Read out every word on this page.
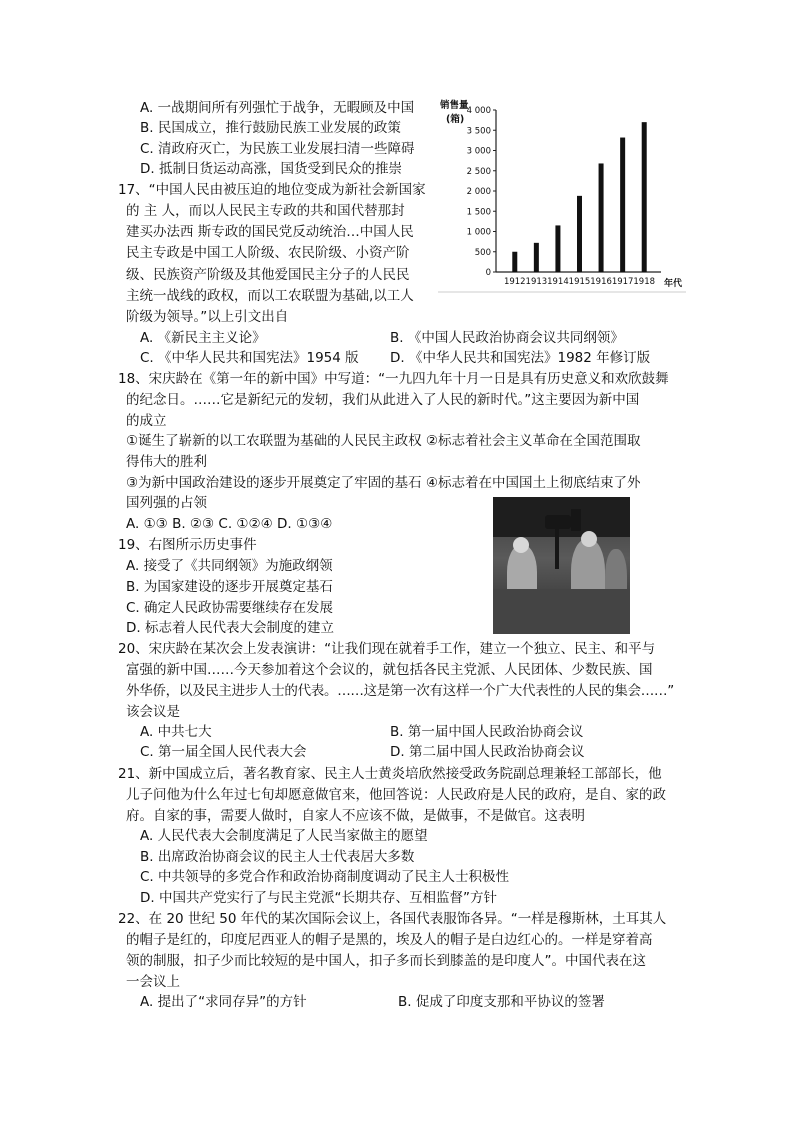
A. 一战期间所有列强忙于战争，无暇顾及中国
B. 民国成立，推行鼓励民族工业发展的政策
C. 清政府灭亡，为民族工业发展扫清一些障碍
D. 抵制日货运动高涨，国货受到民众的推崇
0
500
1 000
1 500
2 000
2 500
3 000
3 500
4 000
销售量
(箱)
1912 1913 1914 1915 1916 1917 1918 年代
17、“中国人民由被压迫的地位变成为新社会新国家
的 主 人，而以人民民主专政的共和国代替那封
建买办法西 斯专政的国民党反动统治…中国人民
民主专政是中国工人阶级、农民阶级、小资产阶
级、民族资产阶级及其他爱国民主分子的人民民
主统一战线的政权，而以工农联盟为基础,以工人
阶级为领导。”以上引文出自
A. 《新民主主义论》	B. 《中国人民政治协商会议共同纲领》
C. 《中华人民共和国宪法》1954 版 D. 《中华人民共和国宪法》1982 年修订版
18、宋庆龄在《第一年的新中国》中写道：“一九四九年十月一日是具有历史意义和欢欣鼓舞
的纪念日。……它是新纪元的发轫，我们从此进入了人民的新时代。”这主要因为新中国
的成立
①诞生了崭新的以工农联盟为基础的人民民主政权 ②标志着社会主义革命在全国范围取
得伟大的胜利
③为新中国政治建设的逐步开展奠定了牢固的基石 ④标志着在中国国土上彻底结束了外
国列强的占领
A. ①③ B. ②③ C. ①②④ D. ①③④
19、右图所示历史事件
A. 接受了《共同纲领》为施政纲领
B. 为国家建设的逐步开展奠定基石
C. 确定人民政协需要继续存在发展
D. 标志着人民代表大会制度的建立
20、宋庆龄在某次会上发表演讲：“让我们现在就着手工作，建立一个独立、民主、和平与
富强的新中国……今天参加着这个会议的，就包括各民主党派、人民团体、少数民族、国
外华侨，以及民主进步人士的代表。……这是第一次有这样一个广大代表性的人民的集会……”
该会议是
A. 中共七大	B. 第一届中国人民政治协商会议
C. 第一届全国人民代表大会	D. 第二届中国人民政治协商会议
21、新中国成立后，著名教育家、民主人士黄炎培欣然接受政务院副总理兼轻工部部长，他
儿子问他为什么年过七旬却愿意做官来，他回答说：人民政府是人民的政府，是自、家的政
府。自家的事，需要人做时，自家人不应该不做，是做事，不是做官。这表明
A. 人民代表大会制度满足了人民当家做主的愿望
B. 出席政治协商会议的民主人士代表居大多数
C. 中共领导的多党合作和政治协商制度调动了民主人士积极性
D. 中国共产党实行了与民主党派“长期共存、互相监督”方针
22、在 20 世纪 50 年代的某次国际会议上，各国代表服饰各异。“一样是穆斯林，土耳其人
的帽子是红的，印度尼西亚人的帽子是黑的，埃及人的帽子是白边红心的。一样是穿着高
领的制服，扣子少而比较短的是中国人，扣子多而长到膝盖的是印度人”。中国代表在这
一会议上
A. 提出了“求同存异”的方针	B. 促成了印度支那和平协议的签署
